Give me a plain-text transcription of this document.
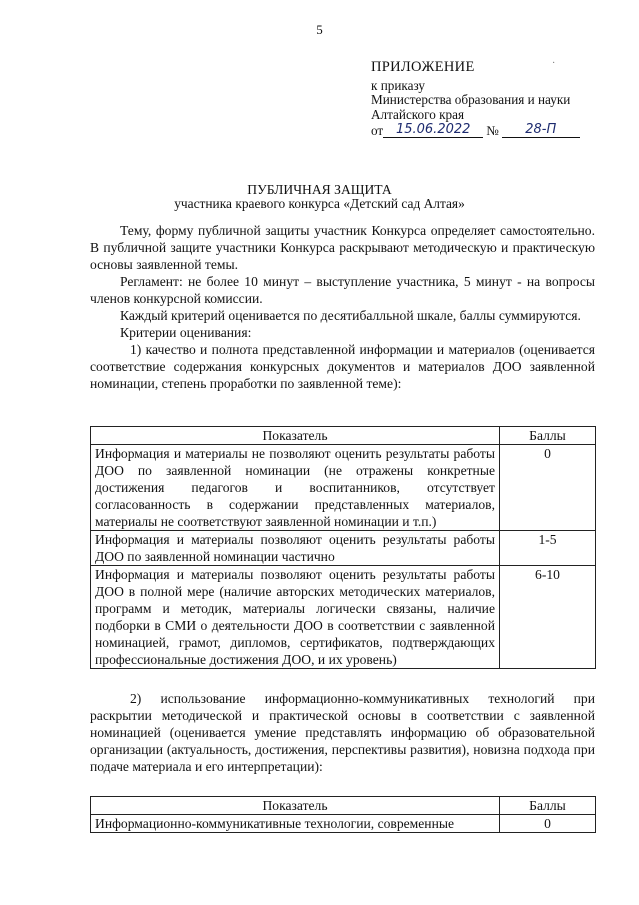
5
ПРИЛОЖЕНИЕ
к приказу
Министерства образования и науки
Алтайского края
от 15.06.2022	№	28-П
·
ПУБЛИЧНАЯ ЗАЩИТА
участника краевого конкурса «Детский сад Алтая»

Тему, форму публичной защиты участник Конкурса определяет самостоятельно. В публичной защите участники Конкурса раскрывают методическую и практическую основы заявленной темы.

Регламент: не более 10 минут – выступление участника, 5 минут - на вопросы членов конкурсной комиссии.

Каждый критерий оценивается по десятибалльной шкале, баллы суммируются.

Критерии оценивания:

1) качество и полнота представленной информации и материалов (оценивается соответствие содержания конкурсных документов и материалов ДОО заявленной номинации, степень проработки по заявленной теме):

Показатель	Баллы
Информация и материалы не позволяют оценить результаты работы ДОО по заявленной номинации (не отражены конкретные достижения педагогов и воспитанников, отсутствует согласованность в содержании представленных материалов, материалы не соответствуют заявленной номинации и т.п.)	0
Информация и материалы позволяют оценить результаты работы ДОО по заявленной номинации частично	1-5
Информация и материалы позволяют оценить результаты работы ДОО в полной мере (наличие авторских методических материалов, программ и методик, материалы логически связаны, наличие подборки в СМИ о деятельности ДОО в соответствии с заявленной номинацией, грамот, дипломов, сертификатов, подтверждающих профессиональные достижения ДОО, и их уровень)	6-10

2) использование информационно-коммуникативных технологий при раскрытии методической и практической основы в соответствии с заявленной номинацией (оценивается умение представлять информацию об образовательной организации (актуальность, достижения, перспективы развития), новизна подхода при подаче материала и его интерпретации):

Показатель	Баллы
Информационно-коммуникативные технологии, современные	0
